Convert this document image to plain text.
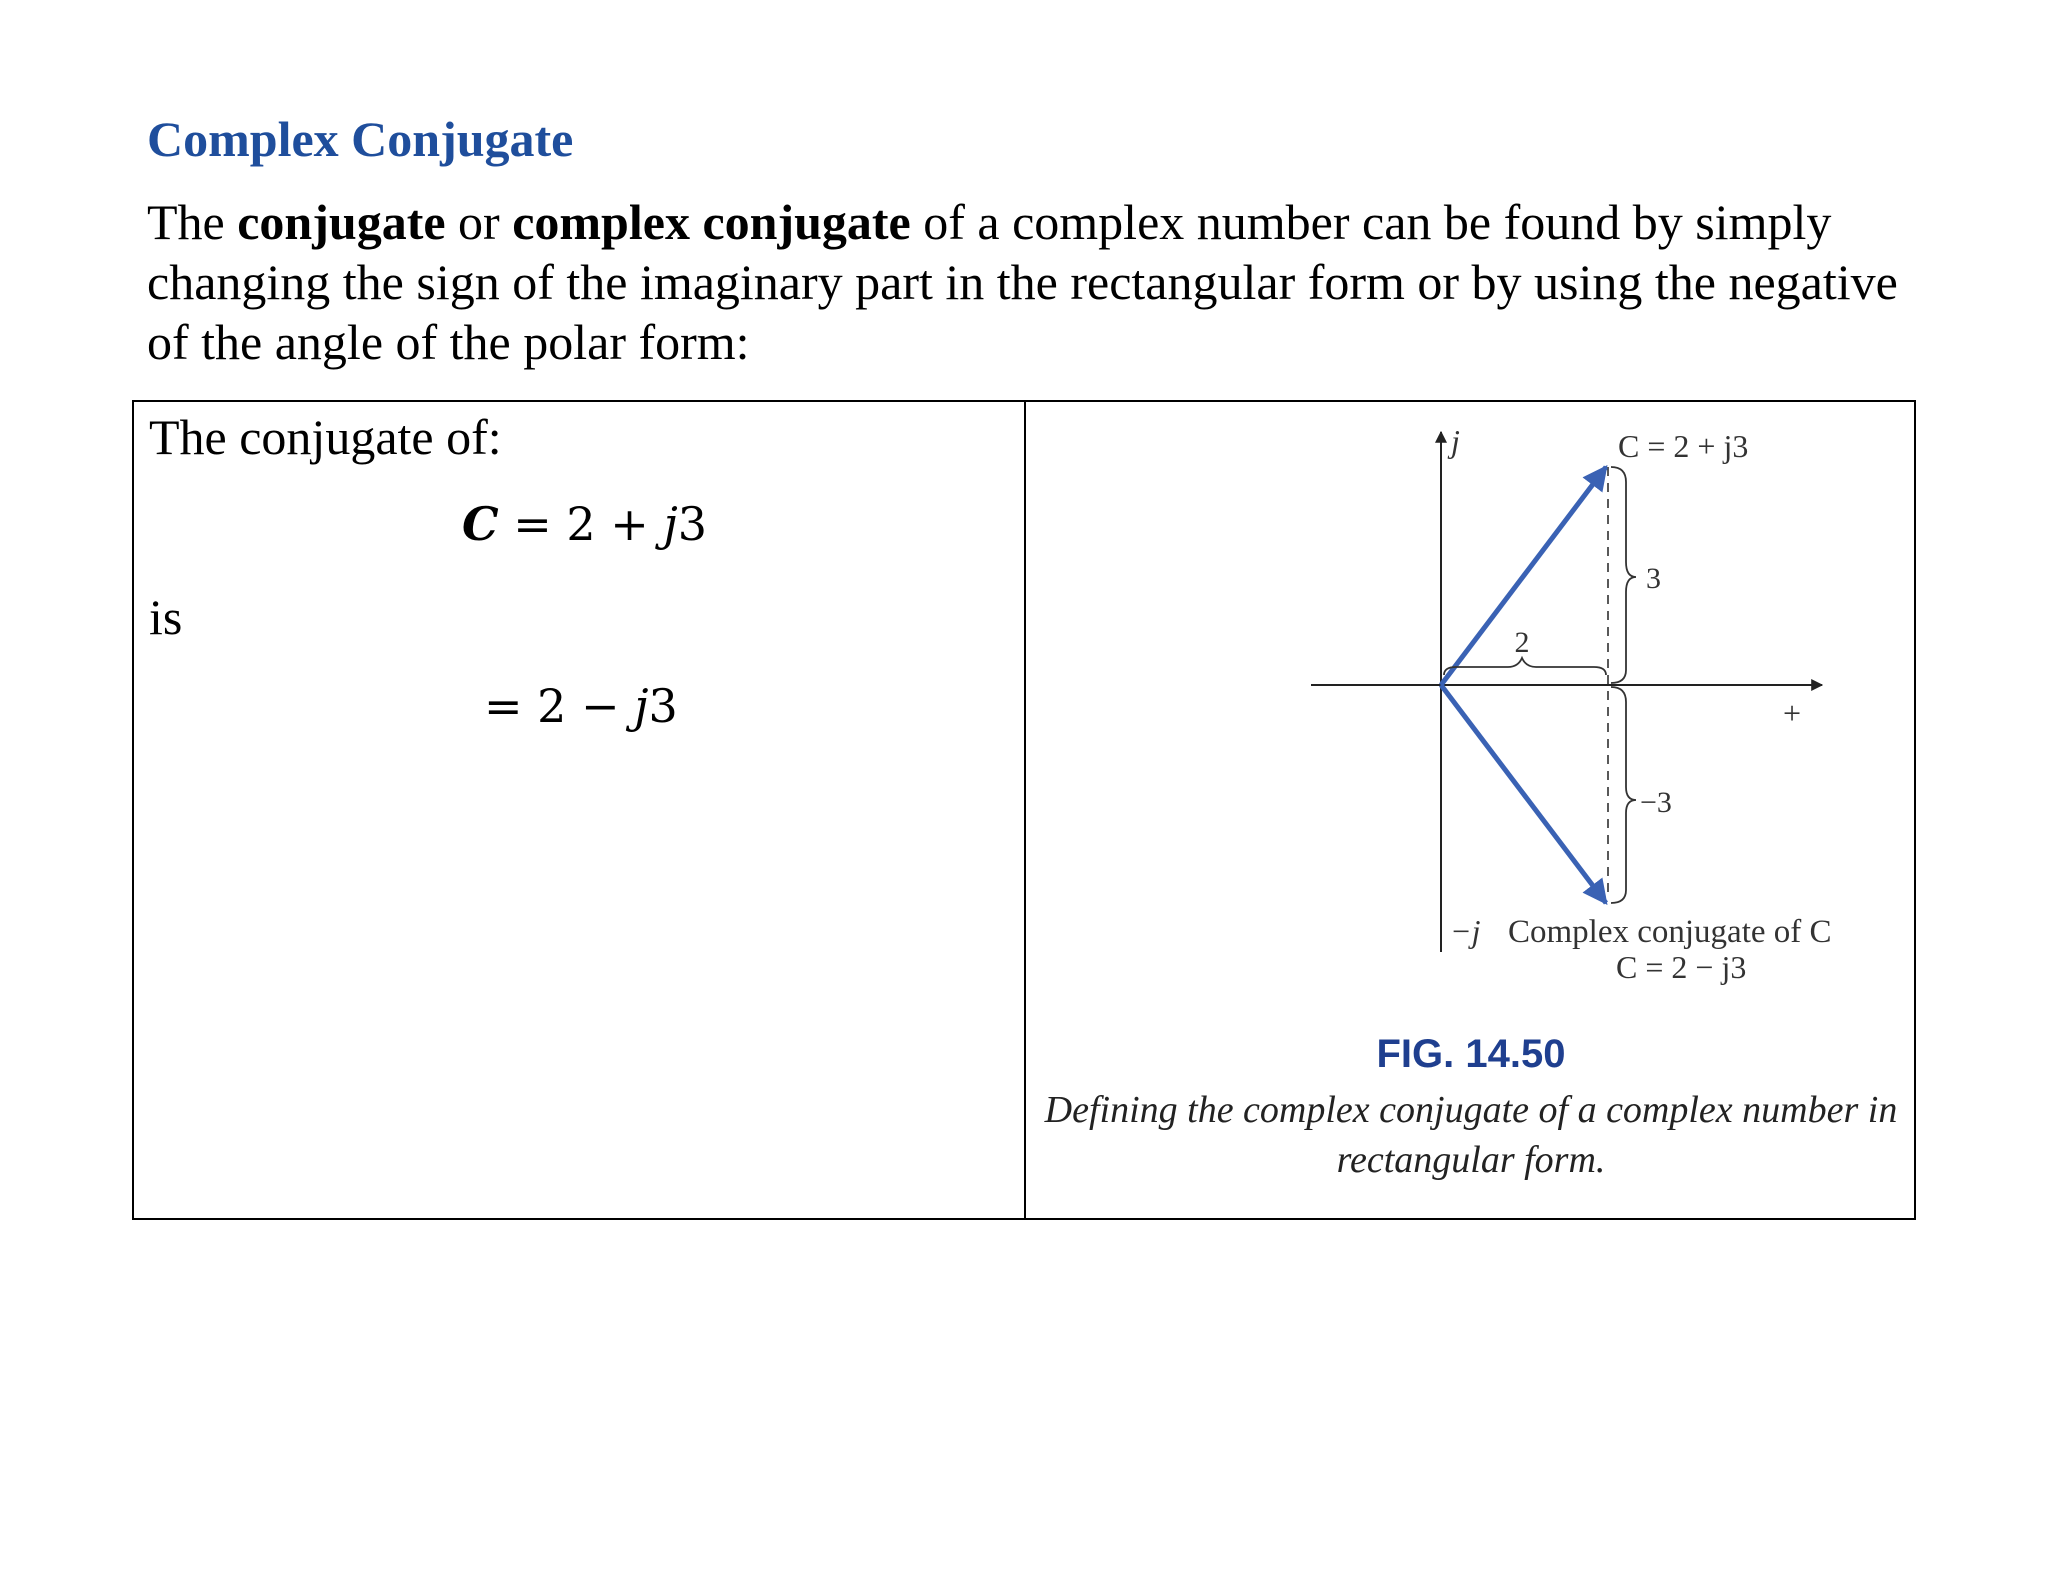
Complex Conjugate
The conjugate or complex conjugate of a complex number can be found by simply changing the sign of the imaginary part in the rectangular form or by using the negative of the angle of the polar form:
The conjugate of:
C = 2 + j3
is
= 2 − j3
j	C = 2 + j3
3
2
+
−3
−j Complex conjugate of C
C = 2 − j3
FIG. 14.50
Defining the complex conjugate of a complex number in rectangular form.
